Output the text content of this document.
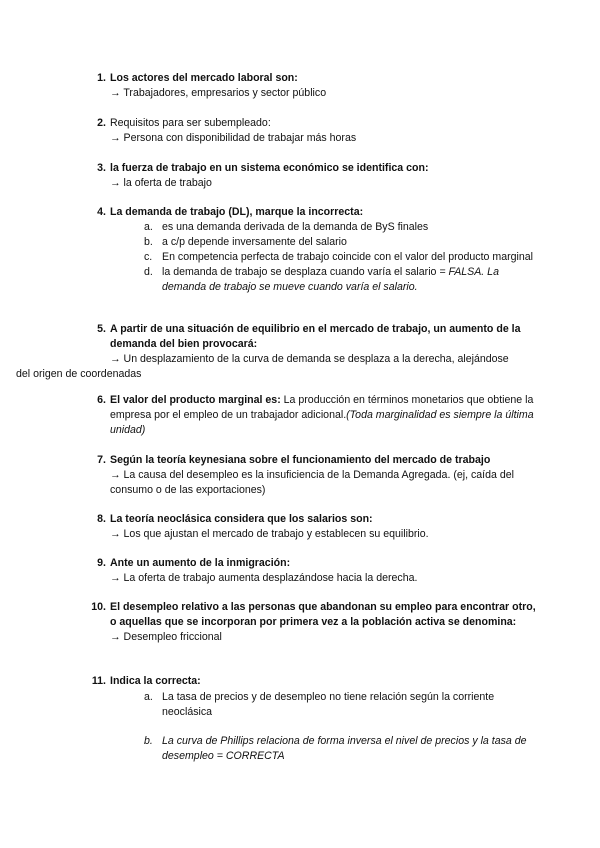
1. Los actores del mercado laboral son:
→ Trabajadores, empresarios y sector público
2. Requisitos para ser subempleado:
→ Persona con disponibilidad de trabajar más horas
3. la fuerza de trabajo en un sistema económico se identifica con:
→ la oferta de trabajo
4. La demanda de trabajo (DL), marque la incorrecta:
a. es una demanda derivada de la demanda de ByS finales
b. a c/p depende inversamente del salario
c. En competencia perfecta de trabajo coincide con el valor del producto marginal
d. la demanda de trabajo se desplaza cuando varía el salario = FALSA. La demanda de trabajo se mueve cuando varía el salario.
5. A partir de una situación de equilibrio en el mercado de trabajo, un aumento de la demanda del bien provocará:
→ Un desplazamiento de la curva de demanda se desplaza a la derecha, alejándose
del origen de coordenadas
6. El valor del producto marginal es: La producción en términos monetarios que obtiene la empresa por el empleo de un trabajador adicional.(Toda marginalidad es siempre la última unidad)
7. Según la teoría keynesiana sobre el funcionamiento del mercado de trabajo
→ La causa del desempleo es la insuficiencia de la Demanda Agregada. (ej, caída del consumo o de las exportaciones)
8. La teoría neoclásica considera que los salarios son:
→ Los que ajustan el mercado de trabajo y establecen su equilibrio.
9. Ante un aumento de la inmigración:
→ La oferta de trabajo aumenta desplazándose hacia la derecha.
10. El desempleo relativo a las personas que abandonan su empleo para encontrar otro, o aquellas que se incorporan por primera vez a la población activa se denomina:
→ Desempleo friccional
11. Indica la correcta:
a. La tasa de precios y de desempleo no tiene relación según la corriente neoclásica
b. La curva de Phillips relaciona de forma inversa el nivel de precios y la tasa de desempleo = CORRECTA
